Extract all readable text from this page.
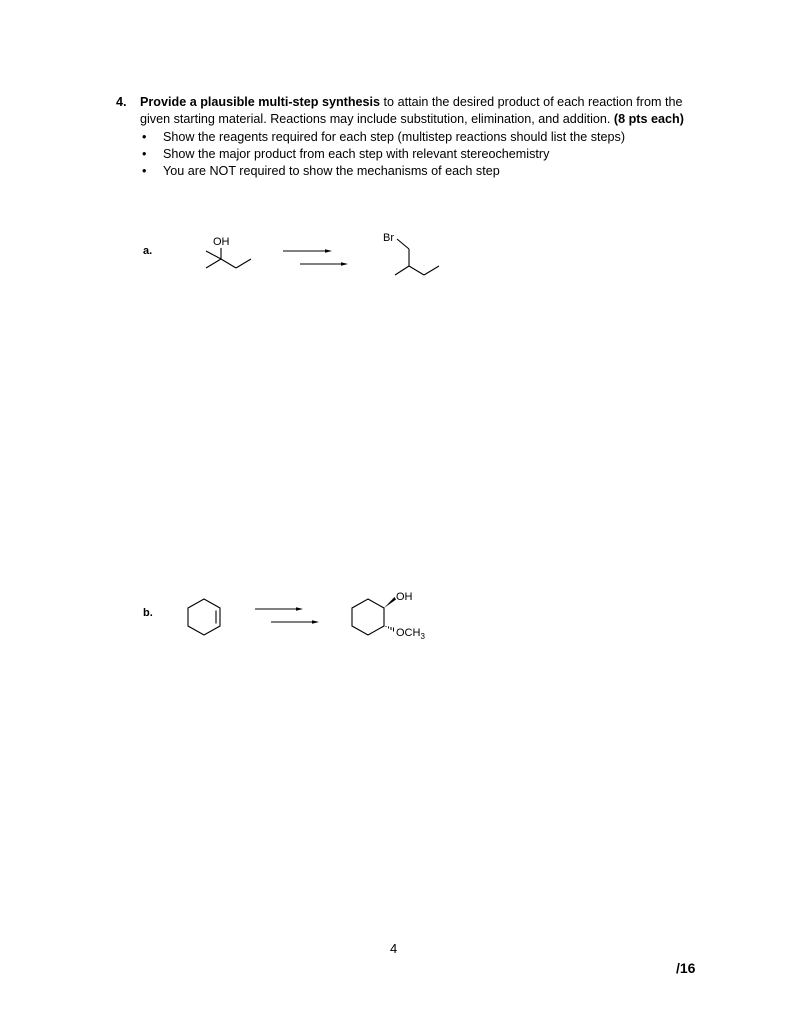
4. Provide a plausible multi-step synthesis to attain the desired product of each reaction from the given starting material. Reactions may include substitution, elimination, and addition. (8 pts each)
• Show the reagents required for each step (multistep reactions should list the steps)
• Show the major product from each step with relevant stereochemistry
• You are NOT required to show the mechanisms of each step
a.
OH	Br
b.
OH
$OCH_3$
4
/16
